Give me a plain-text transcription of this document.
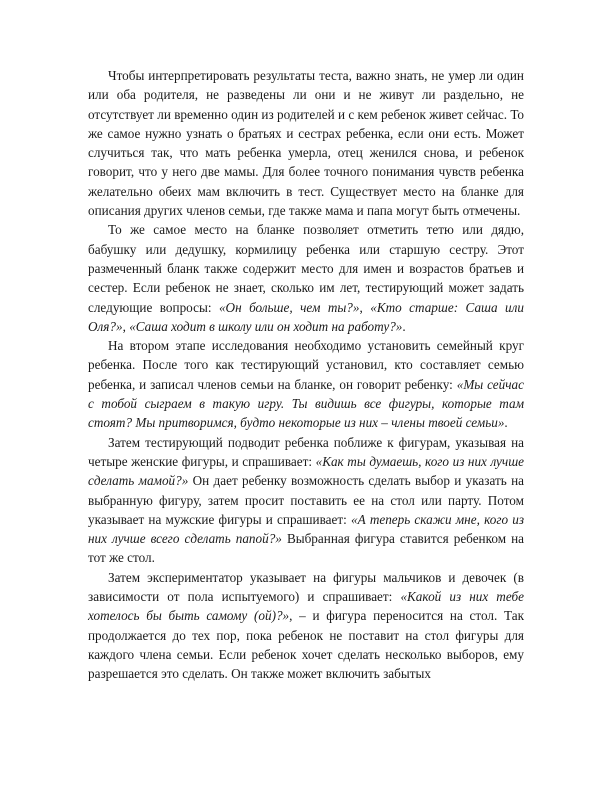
Чтобы интерпретировать результаты теста, важно знать, не умер ли один или оба родителя, не разведены ли они и не живут ли раздельно, не отсутствует ли временно один из родителей и с кем ребенок живет сейчас. То же самое нужно узнать о братьях и сестрах ребенка, если они есть. Может случиться так, что мать ребенка умерла, отец женился снова, и ребенок говорит, что у него две мамы. Для более точного понимания чувств ребенка желательно обеих мам включить в тест. Существует место на бланке для описания других членов семьи, где также мама и папа могут быть отмечены.

То же самое место на бланке позволяет отметить тетю или дядю, бабушку или дедушку, кормилицу ребенка или старшую сестру. Этот размеченный бланк также содержит место для имен и возрастов братьев и сестер. Если ребенок не знает, сколько им лет, тестирующий может задать следующие вопросы: «Он больше, чем ты?», «Кто старше: Саша или Оля?», «Саша ходит в школу или он ходит на работу?».

На втором этапе исследования необходимо установить семейный круг ребенка. После того как тестирующий установил, кто составляет семью ребенка, и записал членов семьи на бланке, он говорит ребенку: «Мы сейчас с тобой сыграем в такую игру. Ты видишь все фигуры, которые там стоят? Мы притворимся, будто некоторые из них – члены твоей семьи».

Затем тестирующий подводит ребенка поближе к фигурам, указывая на четыре женские фигуры, и спрашивает: «Как ты думаешь, кого из них лучше сделать мамой?» Он дает ребенку возможность сделать выбор и указать на выбранную фигуру, затем просит поставить ее на стол или парту. Потом указывает на мужские фигуры и спрашивает: «А теперь скажи мне, кого из них лучше всего сделать папой?» Выбранная фигура ставится ребенком на тот же стол.

Затем экспериментатор указывает на фигуры мальчиков и девочек (в зависимости от пола испытуемого) и спрашивает: «Какой из них тебе хотелось бы быть самому (ой)?», – и фигура переносится на стол. Так продолжается до тех пор, пока ребенок не поставит на стол фигуры для каждого члена семьи. Если ребенок хочет сделать несколько выборов, ему разрешается это сделать. Он также может включить забытых
